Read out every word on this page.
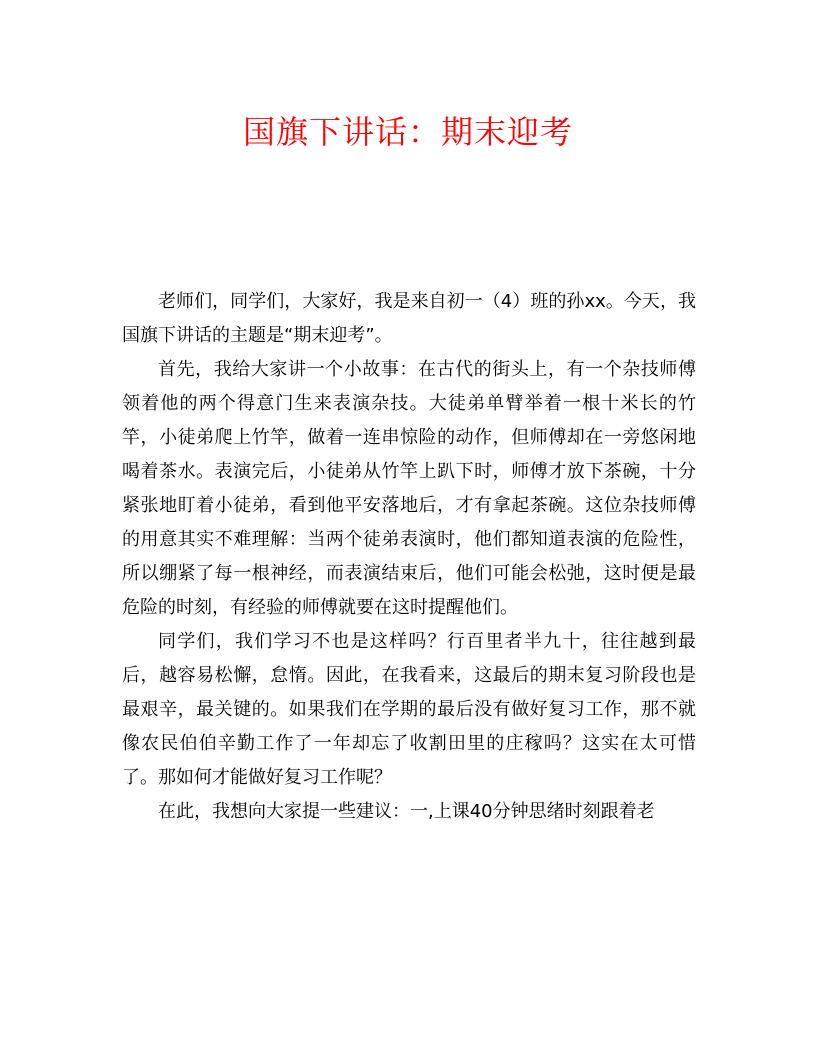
国旗下讲话：期末迎考

老师们，同学们，大家好，我是来自初一（4）班的孙xx。今天，我国旗下讲话的主题是“期末迎考”。

首先，我给大家讲一个小故事：在古代的街头上，有一个杂技师傅领着他的两个得意门生来表演杂技。大徒弟单臂举着一根十米长的竹竿，小徒弟爬上竹竿，做着一连串惊险的动作，但师傅却在一旁悠闲地喝着茶水。表演完后，小徒弟从竹竿上趴下时，师傅才放下茶碗，十分紧张地盯着小徒弟，看到他平安落地后，才有拿起茶碗。这位杂技师傅的用意其实不难理解：当两个徒弟表演时，他们都知道表演的危险性，所以绷紧了每一根神经，而表演结束后，他们可能会松弛，这时便是最危险的时刻，有经验的师傅就要在这时提醒他们。

同学们，我们学习不也是这样吗？行百里者半九十，往往越到最后，越容易松懈，怠惰。因此，在我看来，这最后的期末复习阶段也是最艰辛，最关键的。如果我们在学期的最后没有做好复习工作，那不就像农民伯伯辛勤工作了一年却忘了收割田里的庄稼吗？这实在太可惜了。那如何才能做好复习工作呢？

在此，我想向大家提一些建议：一,上课40分钟思绪时刻跟着老
